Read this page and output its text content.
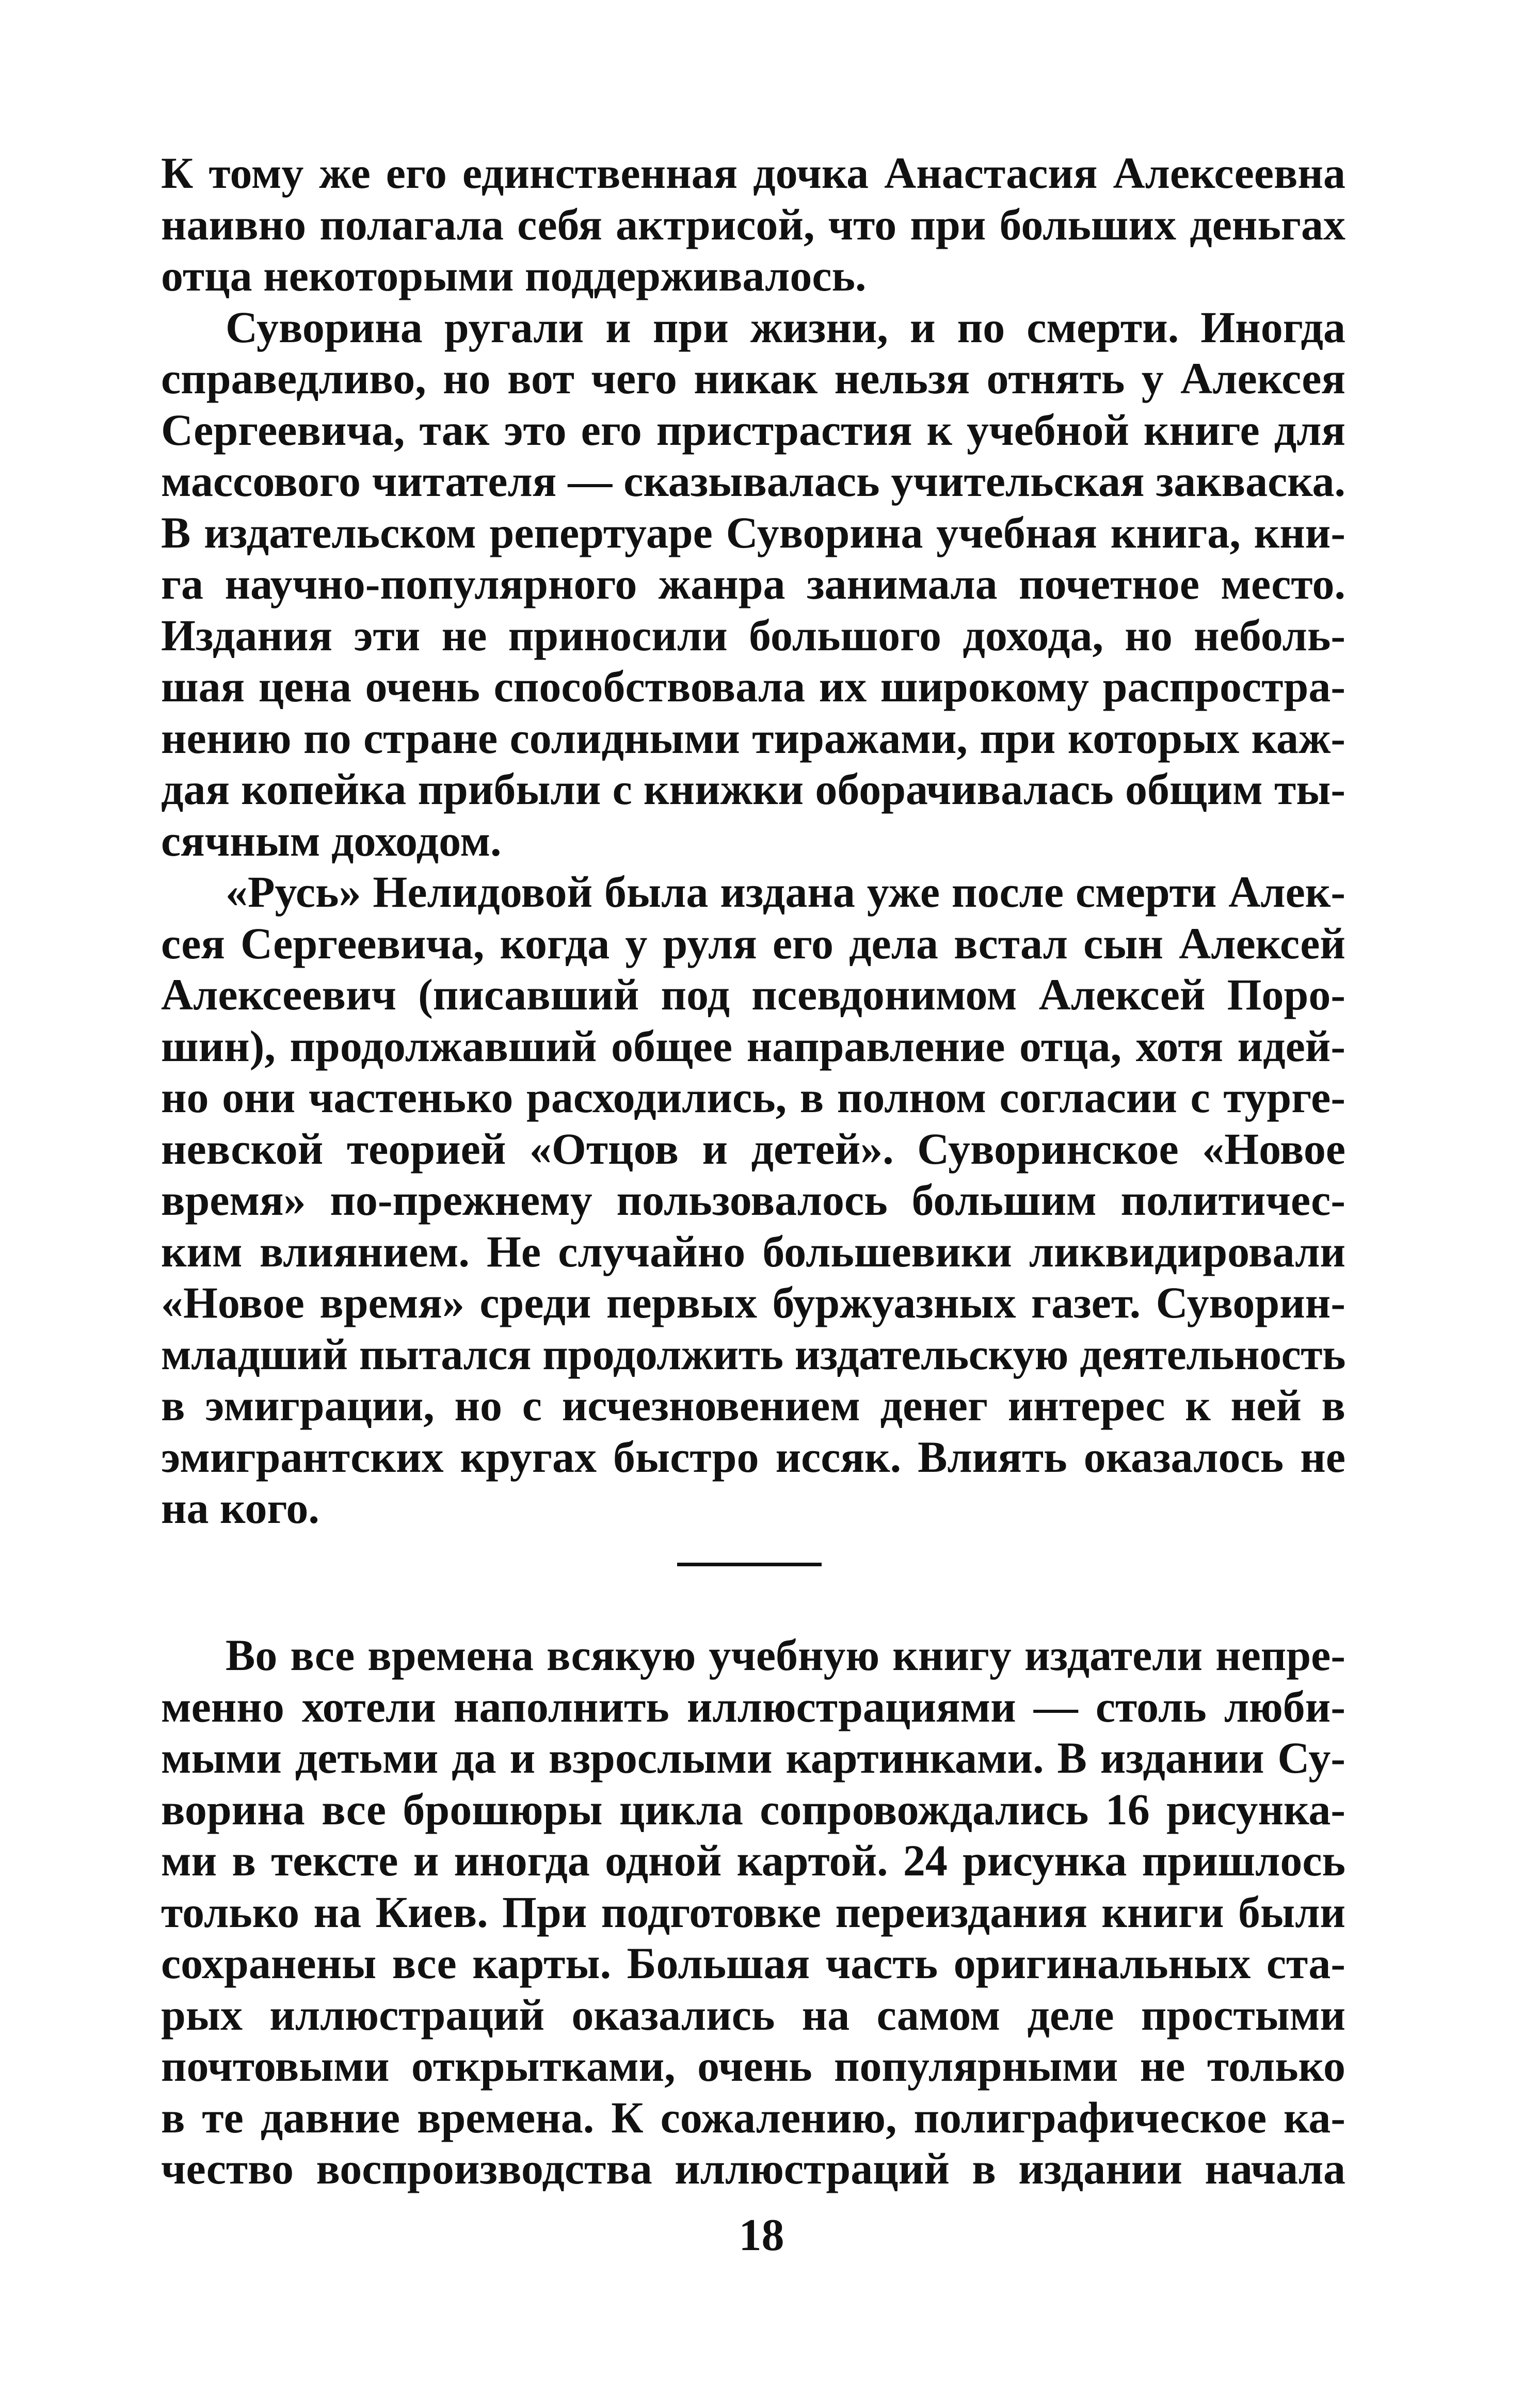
К тому же его единственная дочка Анастасия Алексеевна
наивно полагала себя актрисой, что при больших деньгах
отца некоторыми поддерживалось.
Суворина ругали и при жизни, и по смерти. Иногда
справедливо, но вот чего никак нельзя отнять у Алексея
Сергеевича, так это его пристрастия к учебной книге для
массового читателя — сказывалась учительская закваска.
В издательском репертуаре Суворина учебная книга, кни-
га научно-популярного жанра занимала почетное место.
Издания эти не приносили большого дохода, но неболь-
шая цена очень способствовала их широкому распростра-
нению по стране солидными тиражами, при которых каж-
дая копейка прибыли с книжки оборачивалась общим ты-
сячным доходом.
«Русь» Нелидовой была издана уже после смерти Алек-
сея Сергеевича, когда у руля его дела встал сын Алексей
Алексеевич (писавший под псевдонимом Алексей Поро-
шин), продолжавший общее направление отца, хотя идей-
но они частенько расходились, в полном согласии с турге-
невской теорией «Отцов и детей». Суворинское «Новое
время» по-прежнему пользовалось большим политичес-
ким влиянием. Не случайно большевики ликвидировали
«Новое время» среди первых буржуазных газет. Суворин-
младший пытался продолжить издательскую деятельность
в эмиграции, но с исчезновением денег интерес к ней в
эмигрантских кругах быстро иссяк. Влиять оказалось не
на кого.
Во все времена всякую учебную книгу издатели непре-
менно хотели наполнить иллюстрациями — столь люби-
мыми детьми да и взрослыми картинками. В издании Су-
ворина все брошюры цикла сопровождались 16 рисунка-
ми в тексте и иногда одной картой. 24 рисунка пришлось
только на Киев. При подготовке переиздания книги были
сохранены все карты. Большая часть оригинальных ста-
рых иллюстраций оказались на самом деле простыми
почтовыми открытками, очень популярными не только
в те давние времена. К сожалению, полиграфическое ка-
чество воспроизводства иллюстраций в издании начала
18
